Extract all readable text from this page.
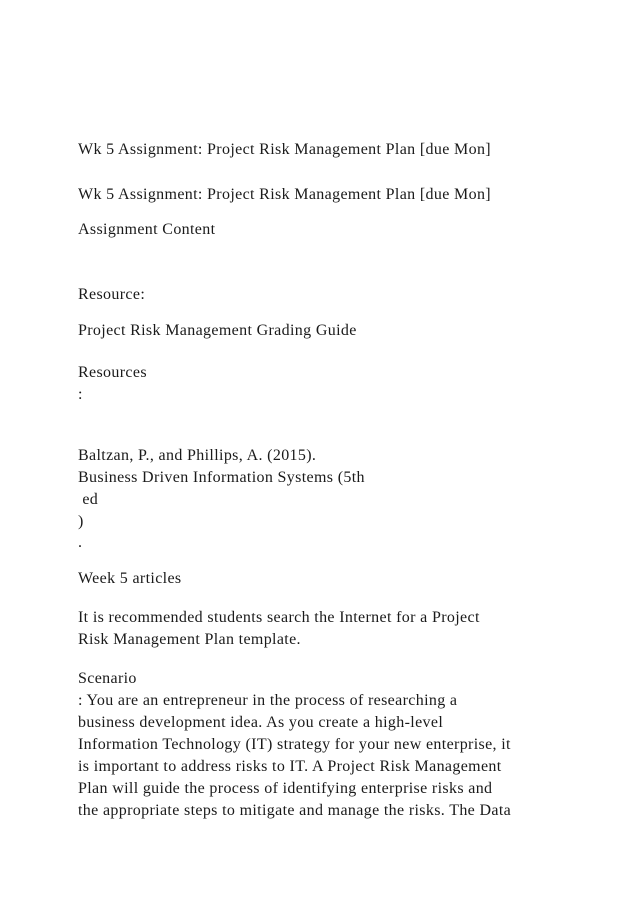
Wk 5 Assignment: Project Risk Management Plan [due Mon]
Wk 5 Assignment: Project Risk Management Plan [due Mon]
Assignment Content
Resource:
Project Risk Management Grading Guide
Resources
:
Baltzan, P., and Phillips, A. (2015).
Business Driven Information Systems (5th
ed
)
.
Week 5 articles
It is recommended students search the Internet for a Project
Risk Management Plan template.
Scenario
: You are an entrepreneur in the process of researching a
business development idea. As you create a high-level
Information Technology (IT) strategy for your new enterprise, it
is important to address risks to IT. A Project Risk Management
Plan will guide the process of identifying enterprise risks and
the appropriate steps to mitigate and manage the risks. The Data
